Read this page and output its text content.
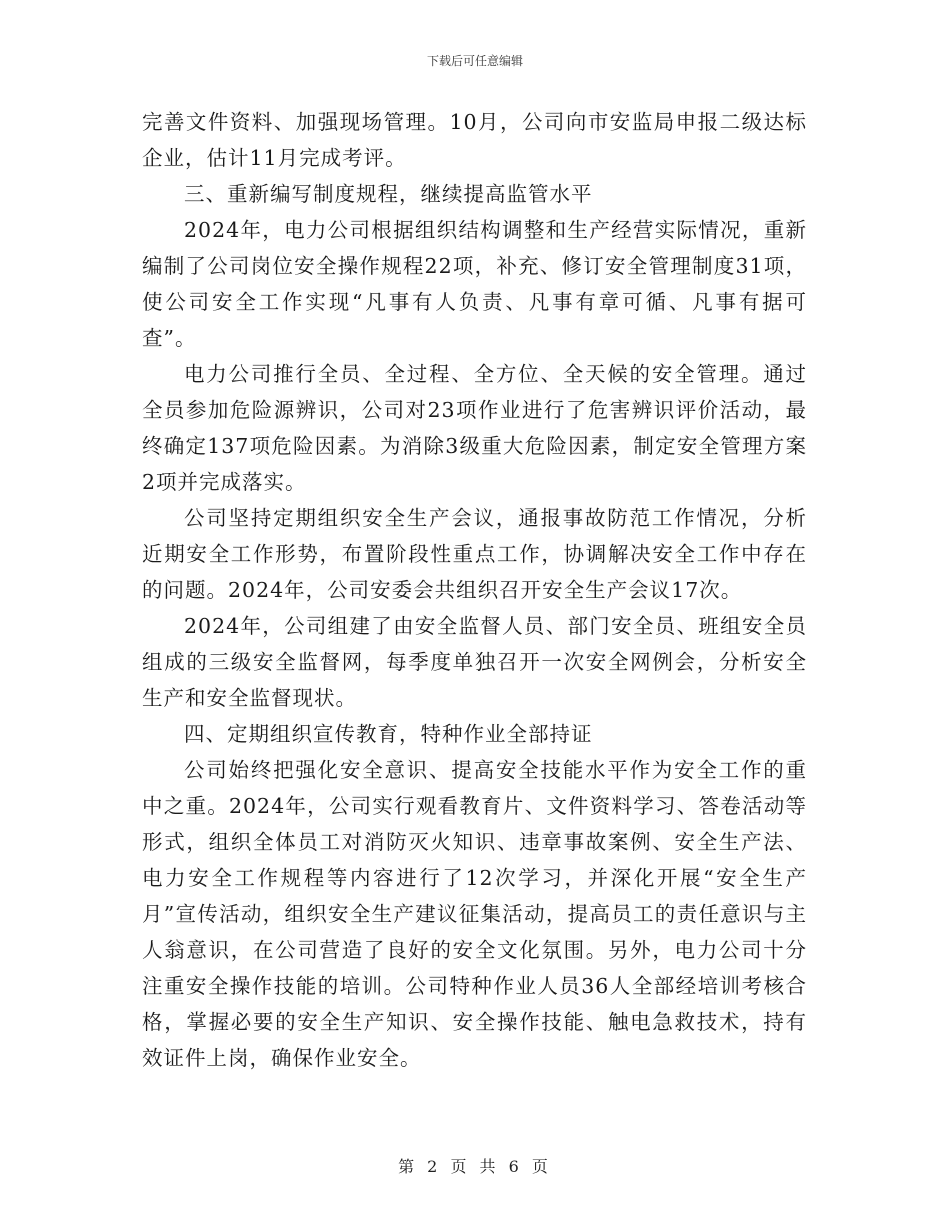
下载后可任意编辑

完善文件资料、加强现场管理。10月，公司向市安监局申报二级达标企业，估计11月完成考评。

三、重新编写制度规程，继续提高监管水平

2024年，电力公司根据组织结构调整和生产经营实际情况，重新编制了公司岗位安全操作规程22项，补充、修订安全管理制度31项，使公司安全工作实现“凡事有人负责、凡事有章可循、凡事有据可查”。

电力公司推行全员、全过程、全方位、全天候的安全管理。通过全员参加危险源辨识，公司对23项作业进行了危害辨识评价活动，最终确定137项危险因素。为消除3级重大危险因素，制定安全管理方案2项并完成落实。

公司坚持定期组织安全生产会议，通报事故防范工作情况，分析近期安全工作形势，布置阶段性重点工作，协调解决安全工作中存在的问题。2024年，公司安委会共组织召开安全生产会议17次。

2024年，公司组建了由安全监督人员、部门安全员、班组安全员组成的三级安全监督网，每季度单独召开一次安全网例会，分析安全生产和安全监督现状。

四、定期组织宣传教育，特种作业全部持证

公司始终把强化安全意识、提高安全技能水平作为安全工作的重中之重。2024年，公司实行观看教育片、文件资料学习、答卷活动等形式，组织全体员工对消防灭火知识、违章事故案例、安全生产法、电力安全工作规程等内容进行了12次学习，并深化开展“安全生产月”宣传活动，组织安全生产建议征集活动，提高员工的责任意识与主人翁意识，在公司营造了良好的安全文化氛围。另外，电力公司十分注重安全操作技能的培训。公司特种作业人员36人全部经培训考核合格，掌握必要的安全生产知识、安全操作技能、触电急救技术，持有效证件上岗，确保作业安全。

第 2 页 共 6 页
